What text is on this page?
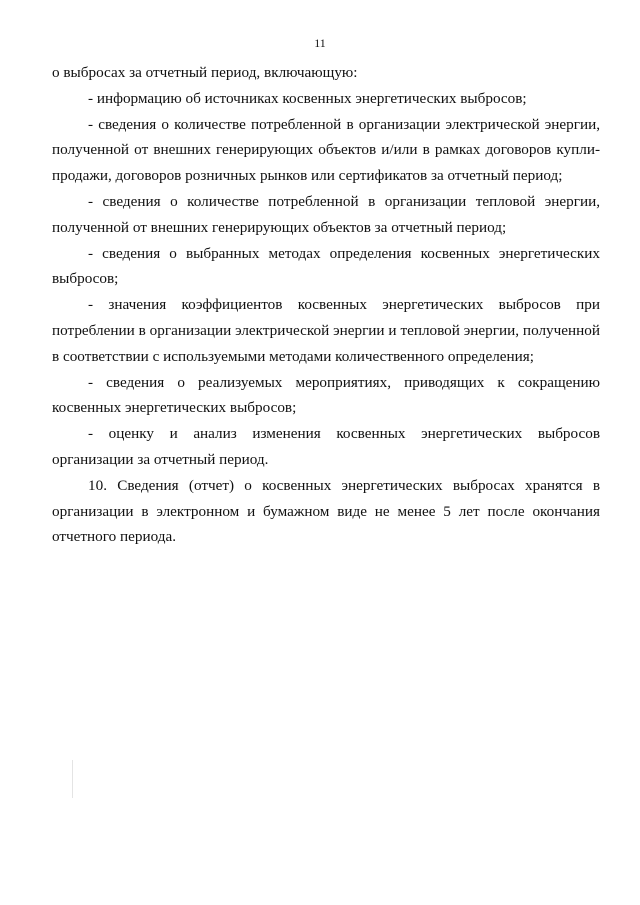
11

о выбросах за отчетный период, включающую:

- информацию об источниках косвенных энергетических выбросов;

- сведения о количестве потребленной в организации электрической энергии, полученной от внешних генерирующих объектов и/или в рамках договоров купли-продажи, договоров розничных рынков или сертификатов за отчетный период;

- сведения о количестве потребленной в организации тепловой энергии, полученной от внешних генерирующих объектов за отчетный период;

- сведения о выбранных методах определения косвенных энергетических выбросов;

- значения коэффициентов косвенных энергетических выбросов при потреблении в организации электрической энергии и тепловой энергии, полученной в соответствии с используемыми методами количественного определения;

- сведения о реализуемых мероприятиях, приводящих к сокращению косвенных энергетических выбросов;

- оценку и анализ изменения косвенных энергетических выбросов организации за отчетный период.

10. Сведения (отчет) о косвенных энергетических выбросах хранятся в организации в электронном и бумажном виде не менее 5 лет после окончания отчетного периода.
